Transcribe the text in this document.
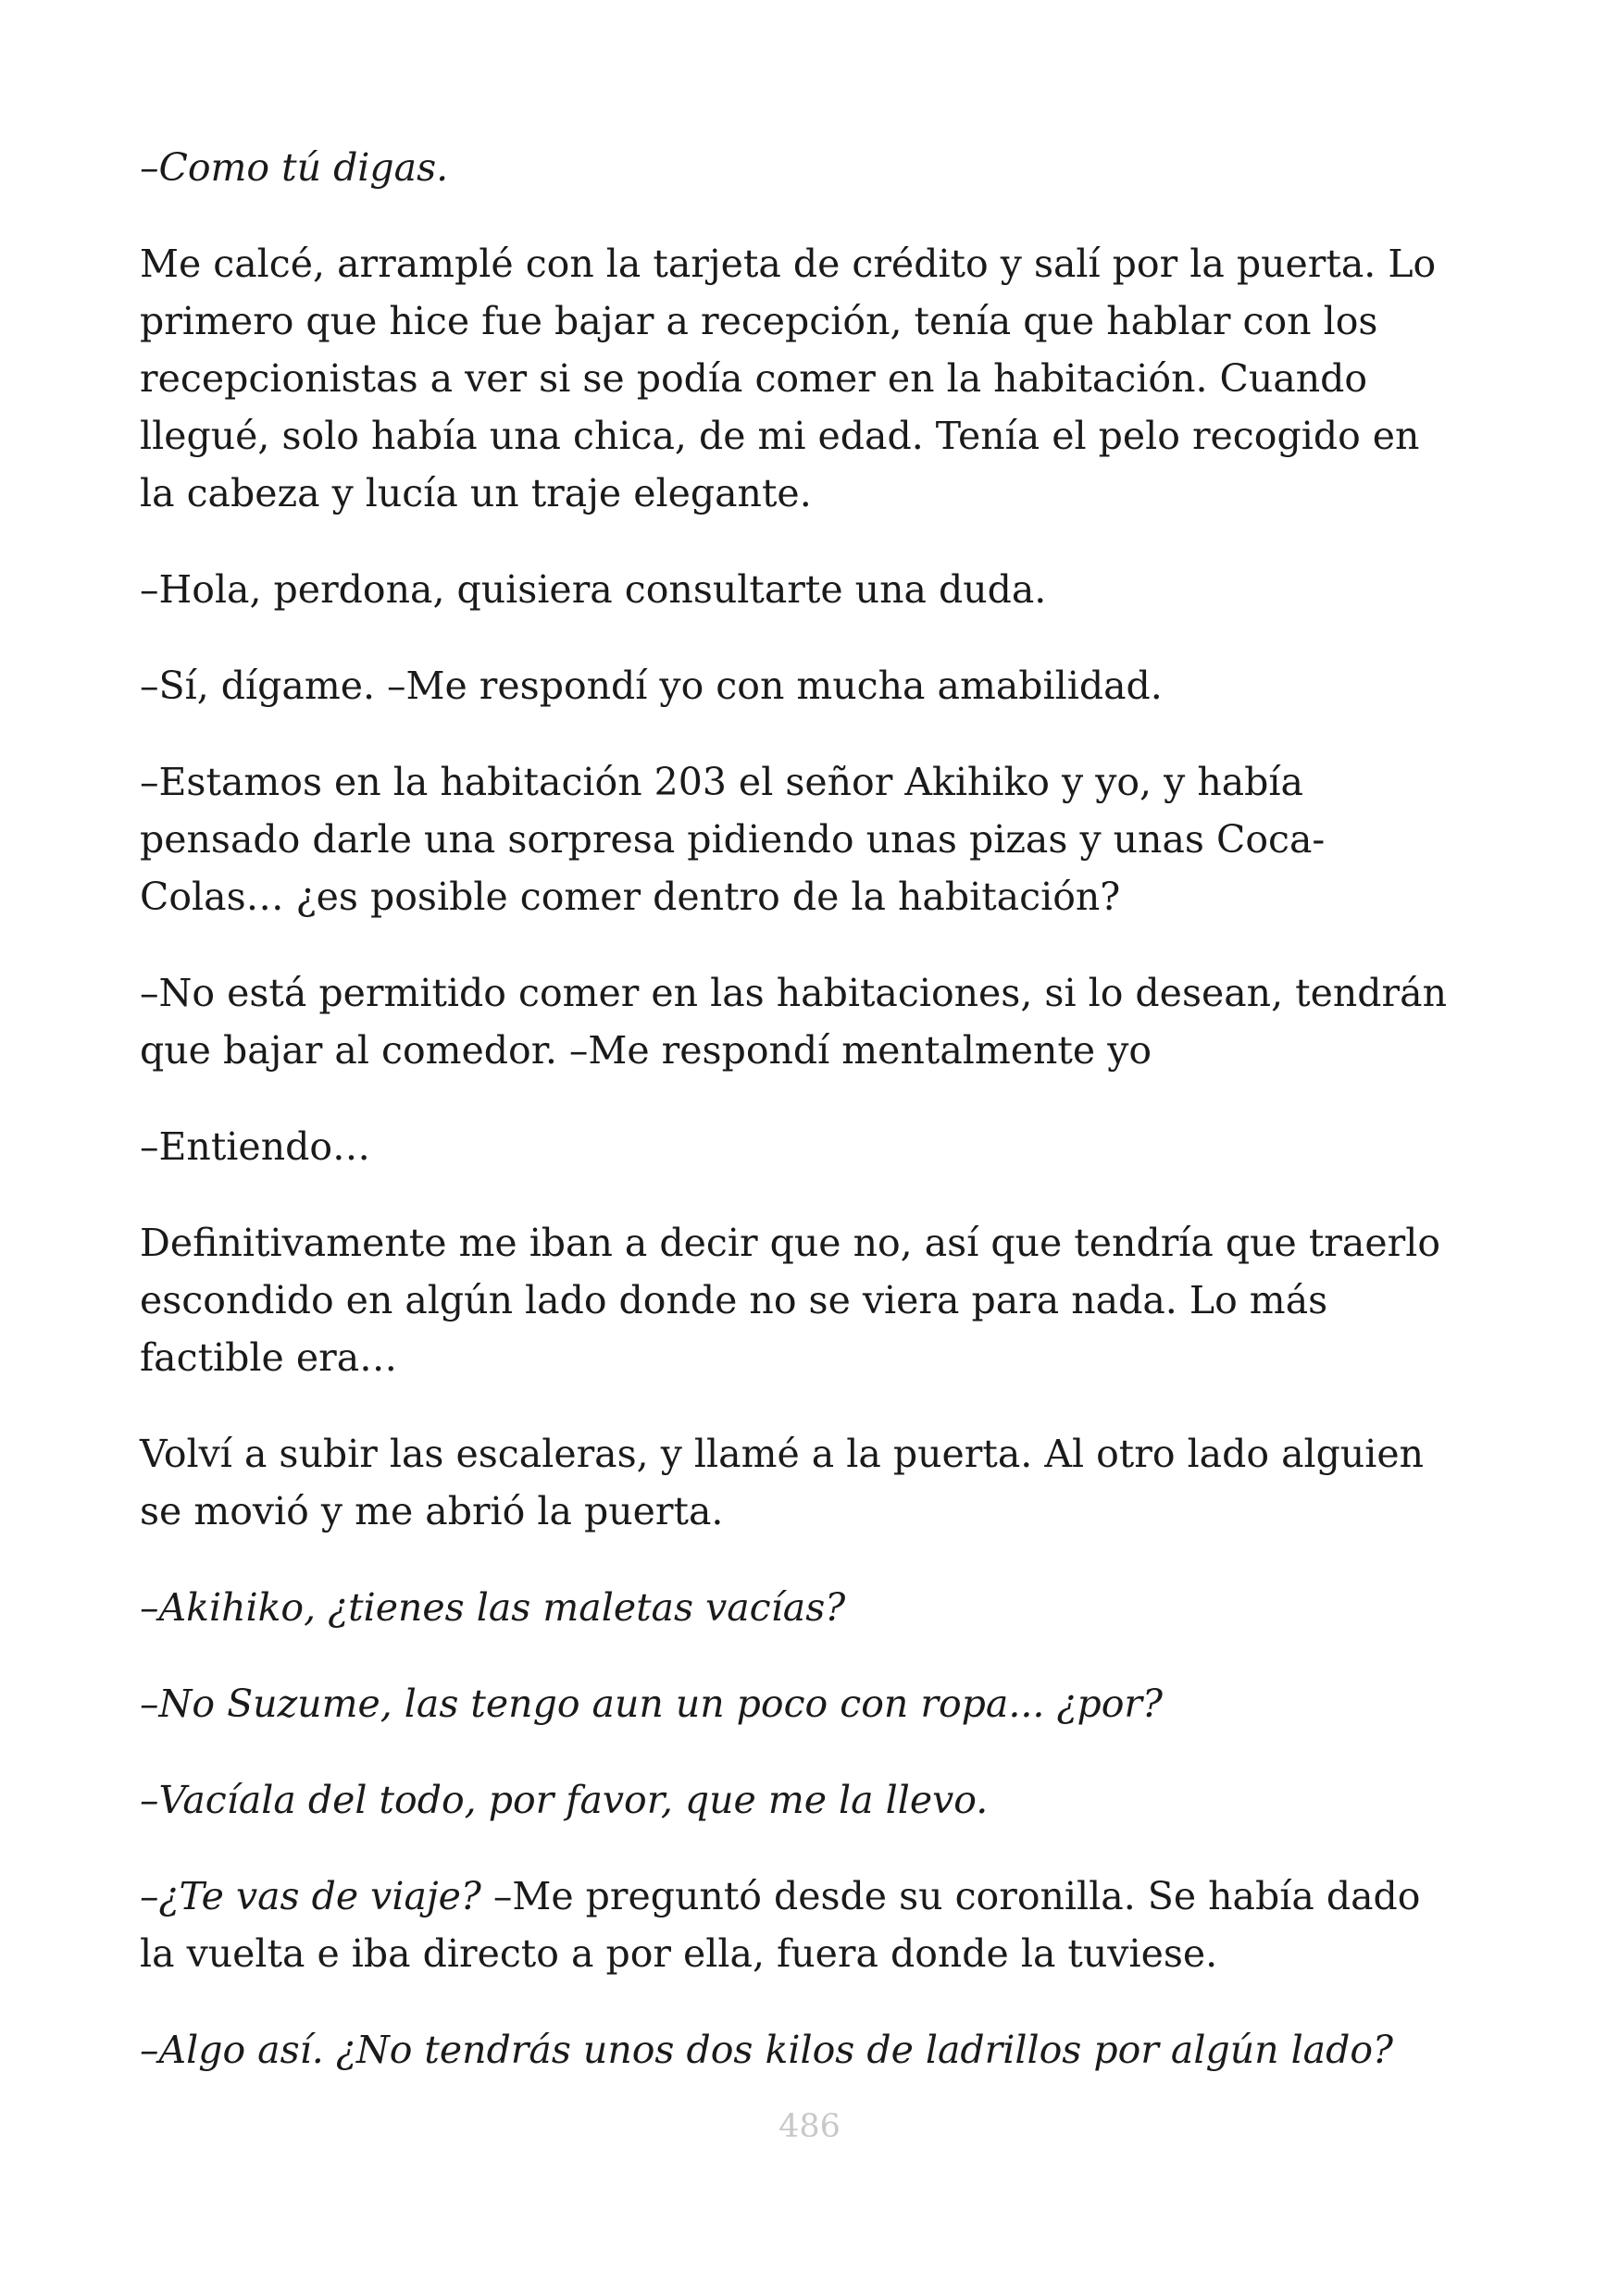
–Como tú digas.

Me calcé, arramplé con la tarjeta de crédito y salí por la puerta. Lo primero que hice fue bajar a recepción, tenía que hablar con los recepcionistas a ver si se podía comer en la habitación. Cuando llegué, solo había una chica, de mi edad. Tenía el pelo recogido en la cabeza y lucía un traje elegante.

–Hola, perdona, quisiera consultarte una duda.

–Sí, dígame. –Me respondí yo con mucha amabilidad.

–Estamos en la habitación 203 el señor Akihiko y yo, y había pensado darle una sorpresa pidiendo unas pizas y unas Coca-Colas… ¿es posible comer dentro de la habitación?

–No está permitido comer en las habitaciones, si lo desean, tendrán que bajar al comedor. –Me respondí mentalmente yo

–Entiendo…

Definitivamente me iban a decir que no, así que tendría que traerlo escondido en algún lado donde no se viera para nada. Lo más factible era…

Volví a subir las escaleras, y llamé a la puerta. Al otro lado alguien se movió y me abrió la puerta.

–Akihiko, ¿tienes las maletas vacías?

–No Suzume, las tengo aun un poco con ropa... ¿por?

–Vacíala del todo, por favor, que me la llevo.

–¿Te vas de viaje? –Me preguntó desde su coronilla. Se había dado la vuelta e iba directo a por ella, fuera donde la tuviese.

–Algo así. ¿No tendrás unos dos kilos de ladrillos por algún lado?

486
